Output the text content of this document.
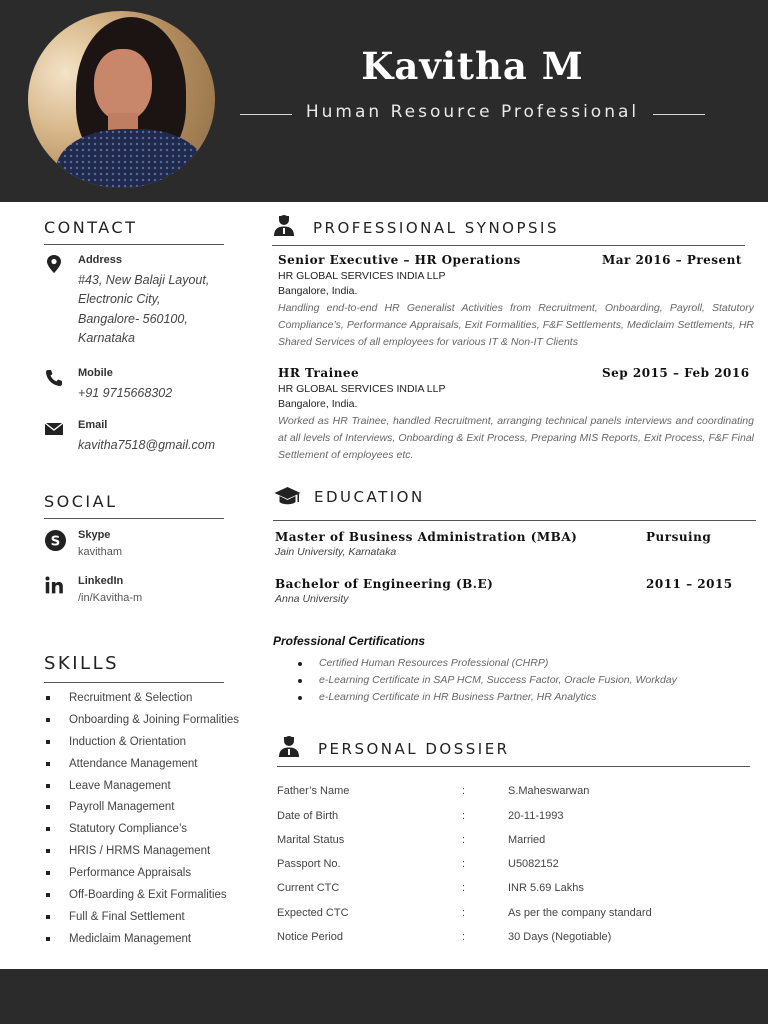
Kavitha M
Human Resource Professional
CONTACT
Address
#43, New Balaji Layout,
Electronic City,
Bangalore- 560100,
Karnataka
Mobile
+91 9715668302
Email
kavitha7518@gmail.com
SOCIAL
S Skype
kavitham
LinkedIn
/in/Kavitha-m
SKILLS
Recruitment & Selection
Onboarding & Joining Formalities
Induction & Orientation
Attendance Management
Leave Management
Payroll Management
Statutory Compliance’s
HRIS / HRMS Management
Performance Appraisals
Off-Boarding & Exit Formalities
Full & Final Settlement
Mediclaim Management
PROFESSIONAL SYNOPSIS
Senior Executive – HR Operations	Mar 2016 – Present
HR GLOBAL SERVICES INDIA LLP
Bangalore, India.
Handling end-to-end HR Generalist Activities from Recruitment, Onboarding, Payroll, Statutory Compliance’s, Performance Appraisals, Exit Formalities, F&F Settlements, Mediclaim Settlements, HR Shared Services of all employees for various IT & Non-IT Clients
HR Trainee	Sep 2015 – Feb 2016
HR GLOBAL SERVICES INDIA LLP
Bangalore, India.
Worked as HR Trainee, handled Recruitment, arranging technical panels interviews and coordinating at all levels of Interviews, Onboarding & Exit Process, Preparing MIS Reports, Exit Process, F&F Final Settlement of employees etc.
EDUCATION
Master of Business Administration (MBA)	Pursuing
Jain University, Karnataka
Bachelor of Engineering (B.E)	2011 – 2015
Anna University
Professional Certifications
Certified Human Resources Professional (CHRP)
e-Learning Certificate in SAP HCM, Success Factor, Oracle Fusion, Workday
e-Learning Certificate in HR Business Partner, HR Analytics
PERSONAL DOSSIER
Father’s Name	:	S.Maheswarwan
Date of Birth	:	20-11-1993
Marital Status	:	Married
Passport No.	:	U5082152
Current CTC	:	INR 5.69 Lakhs
Expected CTC	:	As per the company standard
Notice Period	:	30 Days (Negotiable)
